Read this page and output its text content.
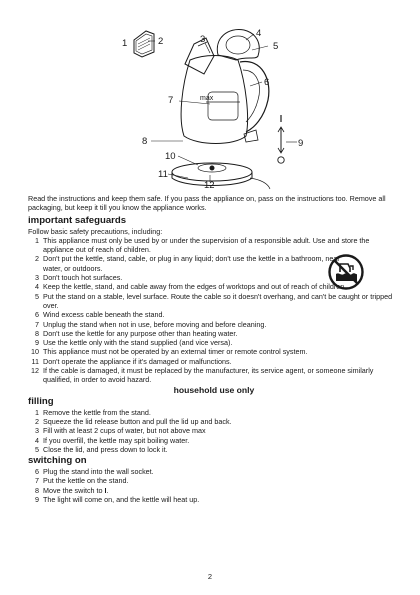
1	2	3
4
5
6
7
8	9
10
11
12
max
I
O

Read the instructions and keep them safe. If you pass the appliance on, pass on the instructions too. Remove all packaging, but keep it till you know the appliance works.

important safeguards
Follow basic safety precautions, including:
1 This appliance must only be used by or under the supervision of a responsible adult. Use and store the appliance out of reach of children.
2 Don't put the kettle, stand, cable, or plug in any liquid; don't use the kettle in a bathroom, near water, or outdoors.
3 Don't touch hot surfaces.
4 Keep the kettle, stand, and cable away from the edges of worktops and out of reach of children.
5 Put the stand on a stable, level surface. Route the cable so it doesn't overhang, and can't be caught or tripped over.
6 Wind excess cable beneath the stand.
7 Unplug the stand when not in use, before moving and before cleaning.
8 Don't use the kettle for any purpose other than heating water.
9 Use the kettle only with the stand supplied (and vice versa).
10 This appliance must not be operated by an external timer or remote control system.
11 Don't operate the appliance if it's damaged or malfunctions.
12 If the cable is damaged, it must be replaced by the manufacturer, its service agent, or someone similarly qualified, in order to avoid hazard.
household use only
filling
1 Remove the kettle from the stand.
2 Squeeze the lid release button and pull the lid up and back.
3 Fill with at least 2 cups of water, but not above max
4 If you overfill, the kettle may spit boiling water.
5 Close the lid, and press down to lock it.
switching on
6 Plug the stand into the wall socket.
7 Put the kettle on the stand.
8 Move the switch to I.
9 The light will come on, and the kettle will heat up.
2
